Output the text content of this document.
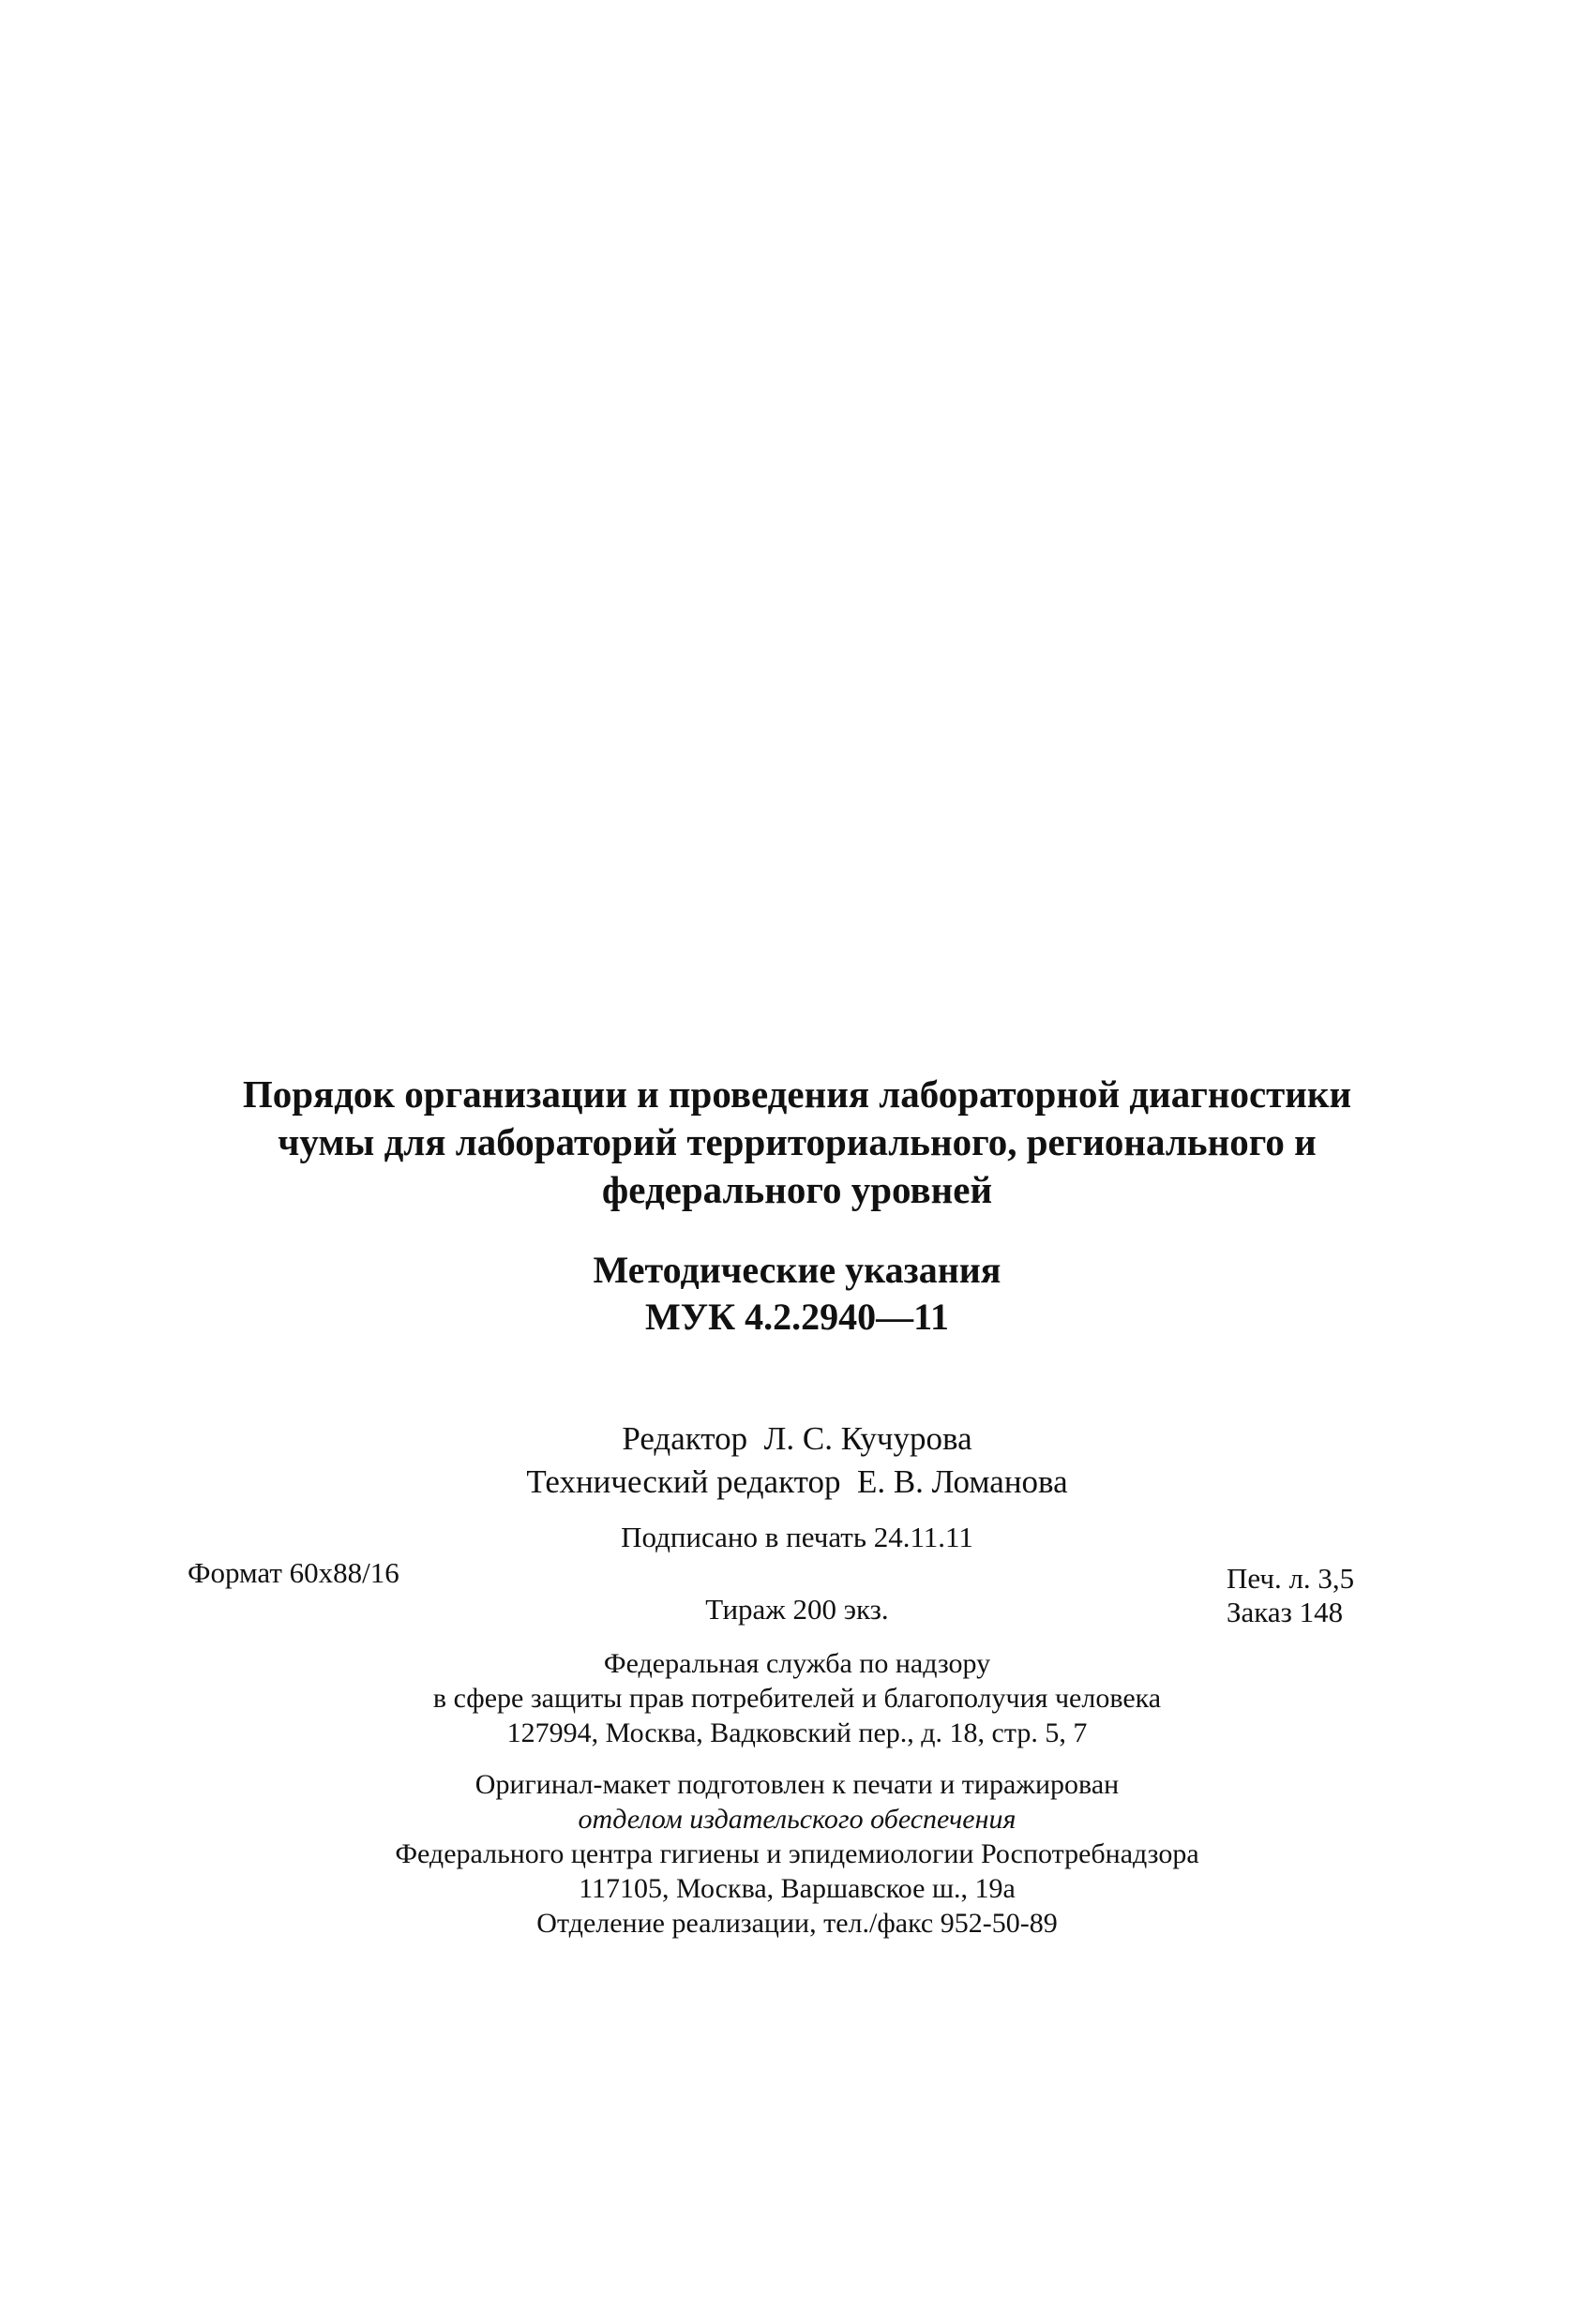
Порядок организации и проведения лабораторной диагностики
чумы для лабораторий территориального, регионального и
федерального уровней
Методические указания
МУК 4.2.2940—11
Редактор  Л. С. Кучурова
Технический редактор  Е. В. Ломанова
Подписано в печать 24.11.11
Формат 60х88/16	Печ. л. 3,5
Тираж 200 экз.	Заказ 148
Федеральная служба по надзору
в сфере защиты прав потребителей и благополучия человека
127994, Москва, Вадковский пер., д. 18, стр. 5, 7
Оригинал-макет подготовлен к печати и тиражирован
отделом издательского обеспечения
Федерального центра гигиены и эпидемиологии Роспотребнадзора
117105, Москва, Варшавское ш., 19а
Отделение реализации, тел./факс 952-50-89
